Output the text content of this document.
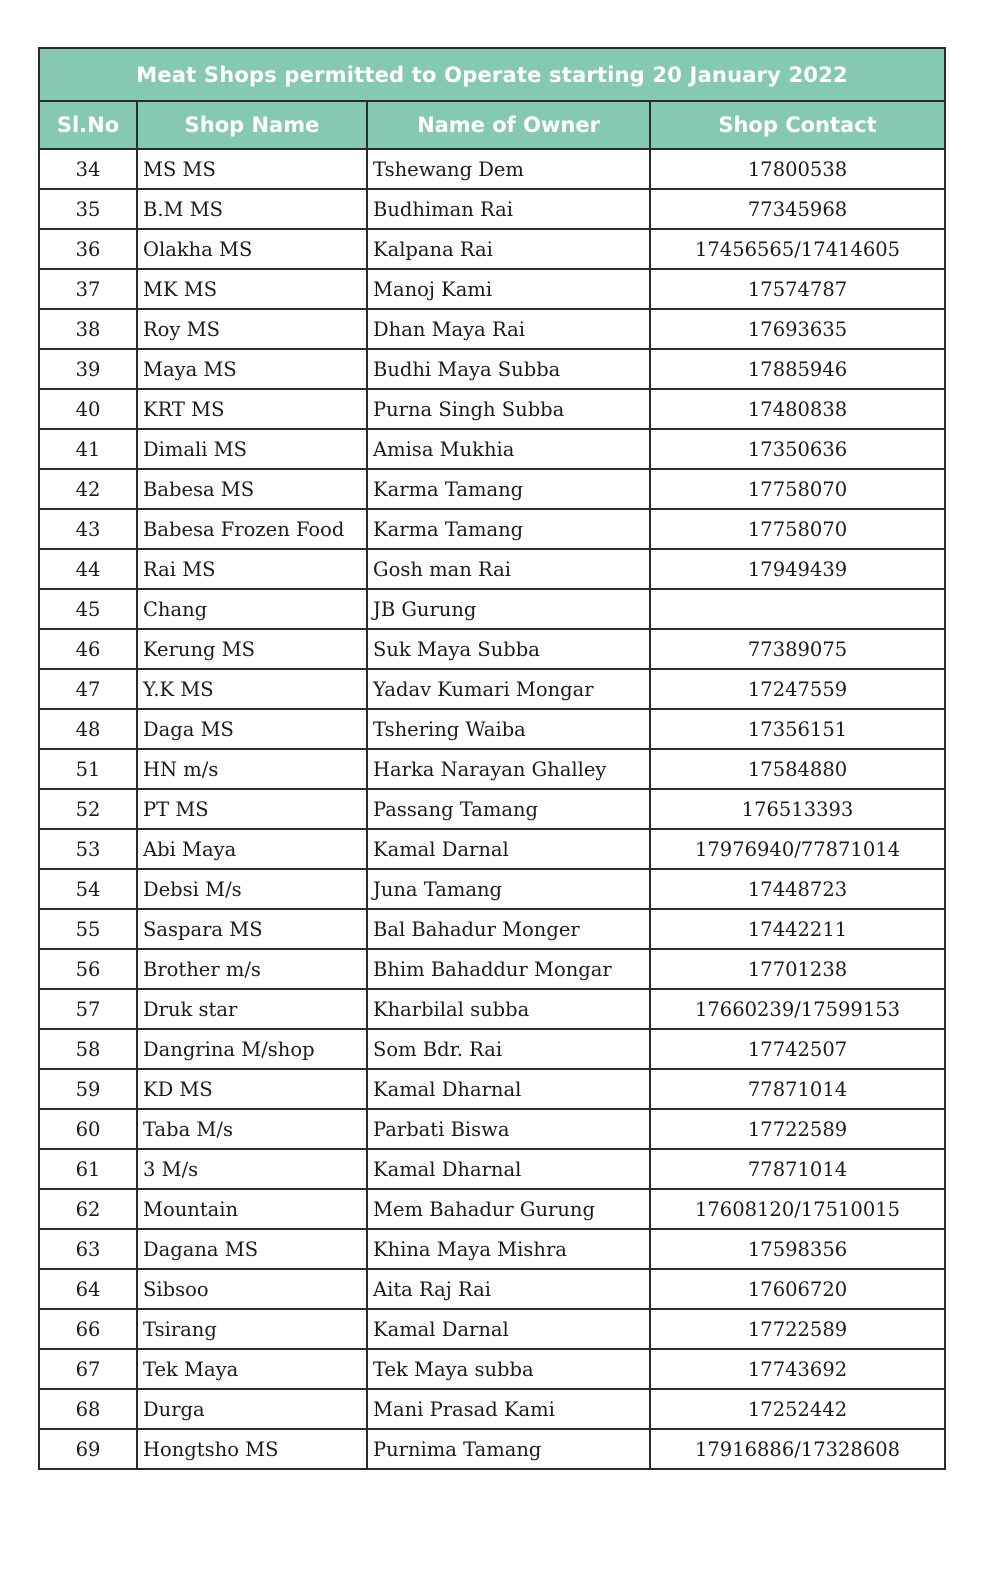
Meat Shops permitted to Operate starting 20 January 2022			
Sl.No	Shop Name	Name of Owner	Shop Contact
34	MS MS	Tshewang Dem	17800538
35	B.M MS	Budhiman Rai	77345968
36	Olakha MS	Kalpana Rai	17456565/17414605
37	MK MS	Manoj Kami	17574787
38	Roy MS	Dhan Maya Rai	17693635
39	Maya MS	Budhi Maya Subba	17885946
40	KRT MS	Purna Singh Subba	17480838
41	Dimali MS	Amisa Mukhia	17350636
42	Babesa MS	Karma Tamang	17758070
43	Babesa Frozen Food	Karma Tamang	17758070
44	Rai MS	Gosh man Rai	17949439
45	Chang	JB Gurung	
46	Kerung MS	Suk Maya Subba	77389075
47	Y.K MS	Yadav Kumari Mongar	17247559
48	Daga MS	Tshering Waiba	17356151
51	HN m/s	Harka Narayan Ghalley	17584880
52	PT MS	Passang Tamang	176513393
53	Abi Maya	Kamal Darnal	17976940/77871014
54	Debsi M/s	Juna Tamang	17448723
55	Saspara MS	Bal Bahadur Monger	17442211
56	Brother m/s	Bhim Bahaddur Mongar	17701238
57	Druk star	Kharbilal subba	17660239/17599153
58	Dangrina M/shop	Som Bdr. Rai	17742507
59	KD MS	Kamal Dharnal	77871014
60	Taba M/s	Parbati Biswa	17722589
61	3 M/s	Kamal Dharnal	77871014
62	Mountain	Mem Bahadur Gurung	17608120/17510015
63	Dagana MS	Khina Maya Mishra	17598356
64	Sibsoo	Aita Raj Rai	17606720
66	Tsirang	Kamal Darnal	17722589
67	Tek Maya	Tek Maya subba	17743692
68	Durga	Mani Prasad Kami	17252442
69	Hongtsho MS	Purnima Tamang	17916886/17328608
